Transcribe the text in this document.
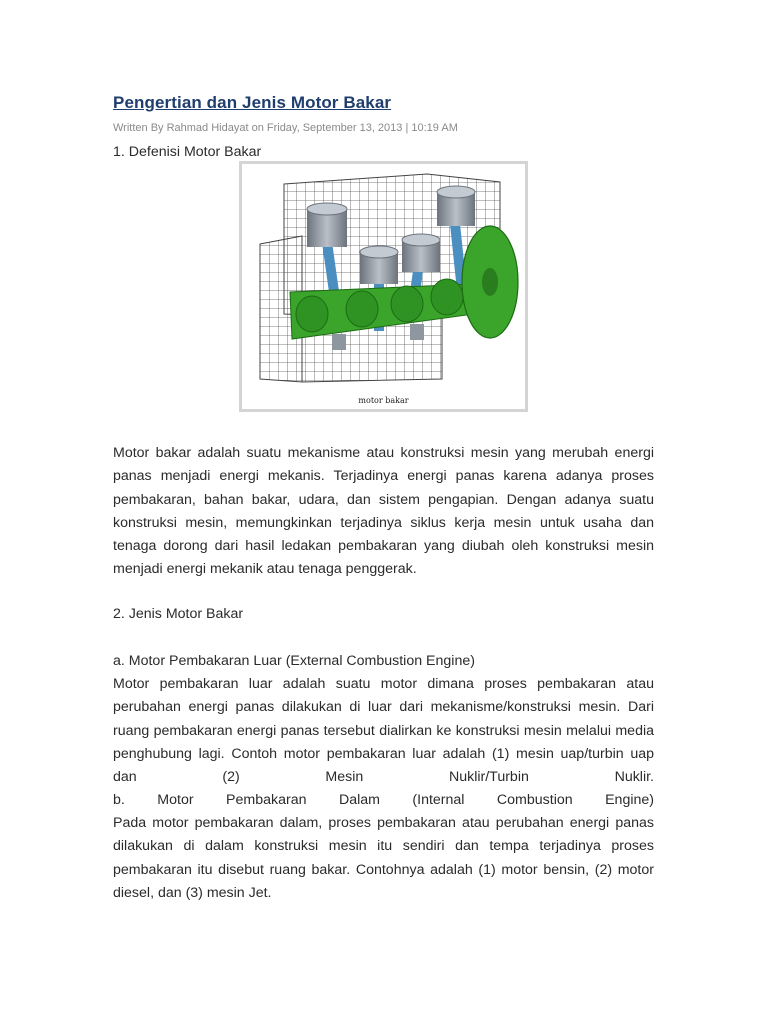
Pengertian dan Jenis Motor Bakar
Written By Rahmad Hidayat on Friday, September 13, 2013 | 10:19 AM

1. Defenisi Motor Bakar

motor bakar

Motor bakar adalah suatu mekanisme atau konstruksi mesin yang merubah energi panas menjadi energi mekanis. Terjadinya energi panas karena adanya proses pembakaran, bahan bakar, udara, dan sistem pengapian. Dengan adanya suatu konstruksi mesin, memungkinkan terjadinya siklus kerja mesin untuk usaha dan tenaga dorong dari hasil ledakan pembakaran yang diubah oleh konstruksi mesin menjadi energi mekanik atau tenaga penggerak.

2. Jenis Motor Bakar

a. Motor Pembakaran Luar (External Combustion Engine)

Motor pembakaran luar adalah suatu motor dimana proses pembakaran atau perubahan energi panas dilakukan di luar dari mekanisme/konstruksi mesin. Dari ruang pembakaran energi panas tersebut dialirkan ke konstruksi mesin melalui media penghubung lagi. Contoh motor pembakaran luar adalah (1) mesin uap/turbin uap dan (2) Mesin Nuklir/Turbin Nuklir.

b. Motor Pembakaran Dalam (Internal Combustion Engine)

Pada motor pembakaran dalam, proses pembakaran atau perubahan energi panas dilakukan di dalam konstruksi mesin itu sendiri dan tempa terjadinya proses pembakaran itu disebut ruang bakar. Contohnya adalah (1) motor bensin, (2) motor diesel, dan (3) mesin Jet.
